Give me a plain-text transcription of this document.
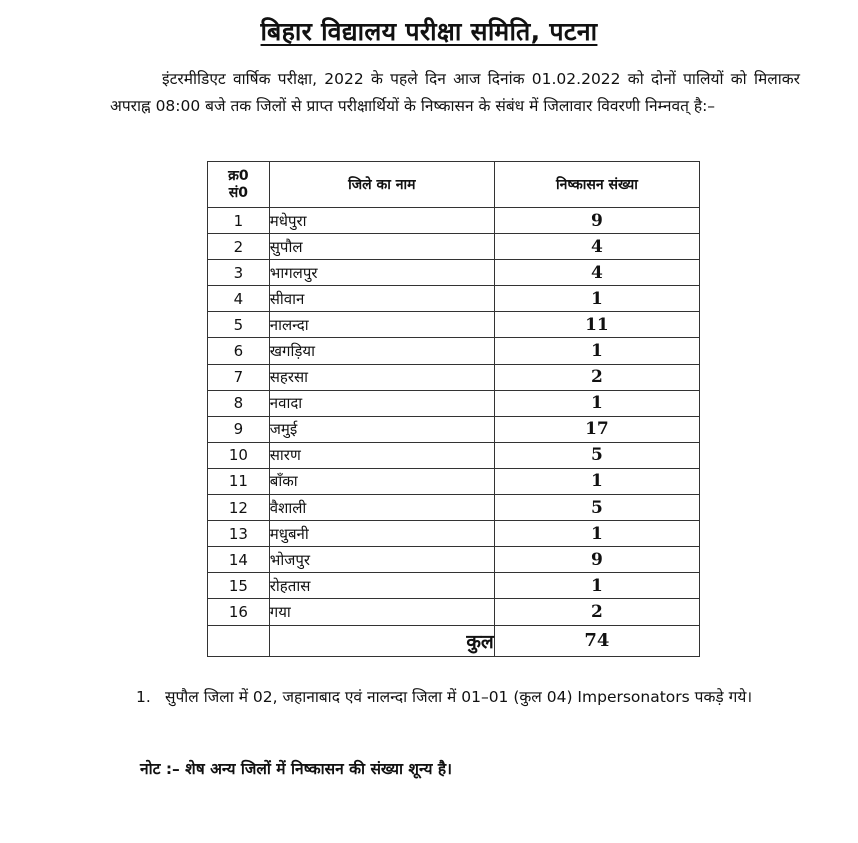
बिहार विद्यालय परीक्षा समिति, पटना
इंटरमीडिएट वार्षिक परीक्षा, 2022 के पहले दिन आज दिनांक 01.02.2022 को दोनों पालियों को मिलाकर अपराह्न 08:00 बजे तक जिलों से प्राप्त परीक्षार्थियों के निष्कासन के संबंध में जिलावार विवरणी निम्नवत् है:–
क्र0
सं0	जिले का नाम	निष्कासन संख्या
1	मधेपुरा	9
2	सुपौल	4
3	भागलपुर	4
4	सीवान	1
5	नालन्दा	11
6	खगड़िया	1
7	सहरसा	2
8	नवादा	1
9	जमुई	17
10	सारण	5
11	बाँका	1
12	वैशाली	5
13	मधुबनी	1
14	भोजपुर	9
15	रोहतास	1
16	गया	2
	कुल	74
1. सुपौल जिला में 02, जहानाबाद एवं नालन्दा जिला में 01–01 (कुल 04) Impersonators पकड़े गये।
नोट :– शेष अन्य जिलों में निष्कासन की संख्या शून्य है।
